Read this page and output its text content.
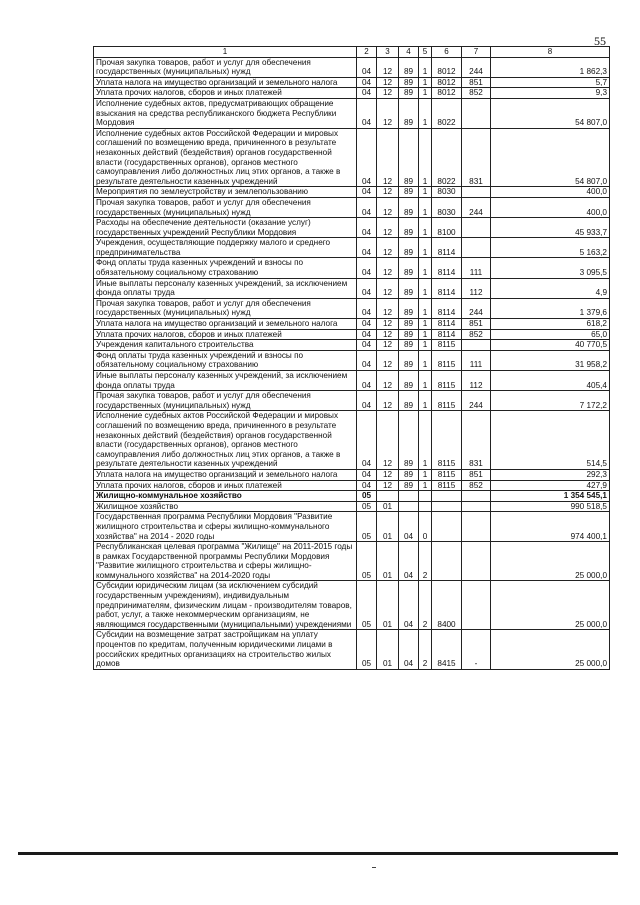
55
1	2	3	4	5	6	7	8
Прочая закупка товаров, работ и услуг для обеспечения государственных (муниципальных) нужд	04	12	89	1	8012	244	1 862,3
Уплата налога на имущество организаций и земельного налога	04	12	89	1	8012	851	5,7
Уплата прочих налогов, сборов и иных платежей	04	12	89	1	8012	852	9,3
Исполнение судебных актов, предусматривающих обращение взыскания на средства республиканского бюджета Республики Мордовия	04	12	89	1	8022		54 807,0
Исполнение судебных актов Российской Федерации и мировых соглашений по возмещению вреда, причиненного в результате незаконных действий (бездействия) органов государственной власти (государственных органов), органов местного самоуправления либо должностных лиц этих органов, а также в результате деятельности казенных учреждений	04	12	89	1	8022	831	54 807,0
Мероприятия по землеустройству и землепользованию	04	12	89	1	8030		400,0
Прочая закупка товаров, работ и услуг для обеспечения государственных (муниципальных) нужд	04	12	89	1	8030	244	400,0
Расходы на обеспечение деятельности (оказание услуг) государственных учреждений Республики Мордовия	04	12	89	1	8100		45 933,7
Учреждения, осуществляющие поддержку малого и среднего предпринимательства	04	12	89	1	8114		5 163,2
Фонд оплаты труда казенных учреждений и взносы по обязательному социальному страхованию	04	12	89	1	8114	111	3 095,5
Иные выплаты персоналу казенных учреждений, за исключением фонда оплаты труда	04	12	89	1	8114	112	4,9
Прочая закупка товаров, работ и услуг для обеспечения государственных (муниципальных) нужд	04	12	89	1	8114	244	1 379,6
Уплата налога на имущество организаций и земельного налога	04	12	89	1	8114	851	618,2
Уплата прочих налогов, сборов и иных платежей	04	12	89	1	8114	852	65,0
Учреждения капитального строительства	04	12	89	1	8115		40 770,5
Фонд оплаты труда казенных учреждений и взносы по обязательному социальному страхованию	04	12	89	1	8115	111	31 958,2
Иные выплаты персоналу казенных учреждений, за исключением фонда оплаты труда	04	12	89	1	8115	112	405,4
Прочая закупка товаров, работ и услуг для обеспечения государственных (муниципальных) нужд	04	12	89	1	8115	244	7 172,2
Исполнение судебных актов Российской Федерации и мировых соглашений по возмещению вреда, причиненного в результате незаконных действий (бездействия) органов государственной власти (государственных органов), органов местного самоуправления либо должностных лиц этих органов, а также в результате деятельности казенных учреждений	04	12	89	1	8115	831	514,5
Уплата налога на имущество организаций и земельного налога	04	12	89	1	8115	851	292,3
Уплата прочих налогов, сборов и иных платежей	04	12	89	1	8115	852	427,9
Жилищно-коммунальное хозяйство	05						1 354 545,1
Жилищное хозяйство	05	01					990 518,5
Государственная программа Республики Мордовия "Развитие жилищного строительства и сферы жилищно-коммунального хозяйства" на 2014 - 2020 годы	05	01	04	0			974 400,1
Республиканская целевая программа "Жилище" на 2011-2015 годы в рамках Государственной программы Республики Мордовия "Развитие жилищного строительства и сферы жилищно-коммунального хозяйства" на 2014-2020 годы	05	01	04	2			25 000,0
Субсидии юридическим лицам (за исключением субсидий государственным учреждениям), индивидуальным предпринимателям, физическим лицам - производителям товаров, работ, услуг, а также некоммерческим организациям, не являющимся государственными (муниципальными) учреждениями	05	01	04	2	8400		25 000,0
Субсидии на возмещение затрат застройщикам на уплату процентов по кредитам, полученным юридическими лицами в российских кредитных организациях на строительство жилых домов	05	01	04	2	8415	-	25 000,0
